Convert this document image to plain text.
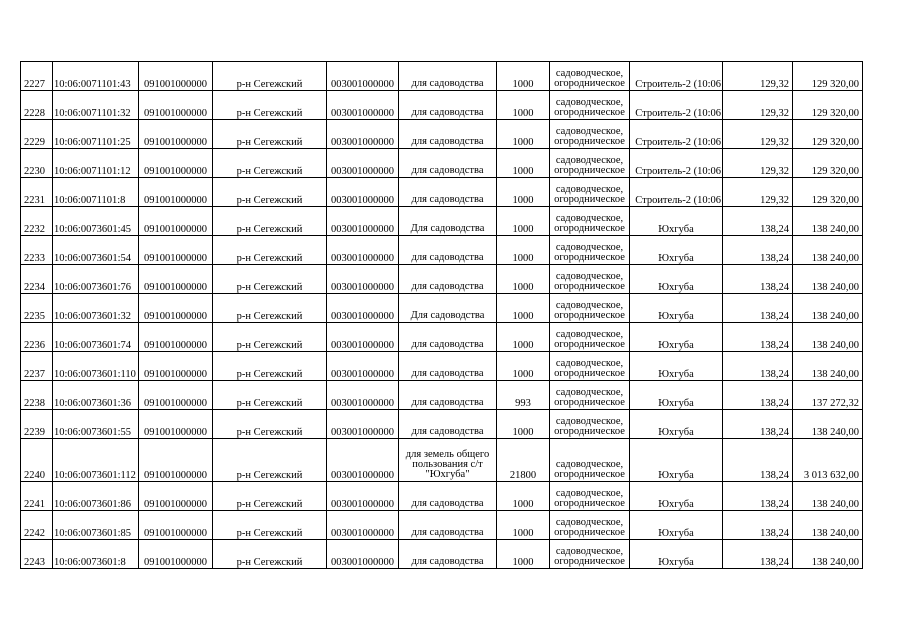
2227	10:06:0071101:43	091001000000	р-н Сегежский	003001000000	для садоводства	1000	садоводческое, огородническое	Строитель-2 (10:06	129,32	129 320,00
2228	10:06:0071101:32	091001000000	р-н Сегежский	003001000000	для садоводства	1000	садоводческое, огородническое	Строитель-2 (10:06	129,32	129 320,00
2229	10:06:0071101:25	091001000000	р-н Сегежский	003001000000	для садоводства	1000	садоводческое, огородническое	Строитель-2 (10:06	129,32	129 320,00
2230	10:06:0071101:12	091001000000	р-н Сегежский	003001000000	для садоводства	1000	садоводческое, огородническое	Строитель-2 (10:06	129,32	129 320,00
2231	10:06:0071101:8	091001000000	р-н Сегежский	003001000000	для садоводства	1000	садоводческое, огородническое	Строитель-2 (10:06	129,32	129 320,00
2232	10:06:0073601:45	091001000000	р-н Сегежский	003001000000	Для садоводства	1000	садоводческое, огородническое	Юхгуба	138,24	138 240,00
2233	10:06:0073601:54	091001000000	р-н Сегежский	003001000000	для садоводства	1000	садоводческое, огородническое	Юхгуба	138,24	138 240,00
2234	10:06:0073601:76	091001000000	р-н Сегежский	003001000000	для садоводства	1000	садоводческое, огородническое	Юхгуба	138,24	138 240,00
2235	10:06:0073601:32	091001000000	р-н Сегежский	003001000000	Для садоводства	1000	садоводческое, огородническое	Юхгуба	138,24	138 240,00
2236	10:06:0073601:74	091001000000	р-н Сегежский	003001000000	для садоводства	1000	садоводческое, огородническое	Юхгуба	138,24	138 240,00
2237	10:06:0073601:110	091001000000	р-н Сегежский	003001000000	для садоводства	1000	садоводческое, огородническое	Юхгуба	138,24	138 240,00
2238	10:06:0073601:36	091001000000	р-н Сегежский	003001000000	для садоводства	993	садоводческое, огородническое	Юхгуба	138,24	137 272,32
2239	10:06:0073601:55	091001000000	р-н Сегежский	003001000000	для садоводства	1000	садоводческое, огородническое	Юхгуба	138,24	138 240,00
2240	10:06:0073601:112	091001000000	р-н Сегежский	003001000000	для земель общего пользования с/т "Юхгуба"	21800	садоводческое, огородническое	Юхгуба	138,24	3 013 632,00
2241	10:06:0073601:86	091001000000	р-н Сегежский	003001000000	для садоводства	1000	садоводческое, огородническое	Юхгуба	138,24	138 240,00
2242	10:06:0073601:85	091001000000	р-н Сегежский	003001000000	для садоводства	1000	садоводческое, огородническое	Юхгуба	138,24	138 240,00
2243	10:06:0073601:8	091001000000	р-н Сегежский	003001000000	для садоводства	1000	садоводческое, огородническое	Юхгуба	138,24	138 240,00
